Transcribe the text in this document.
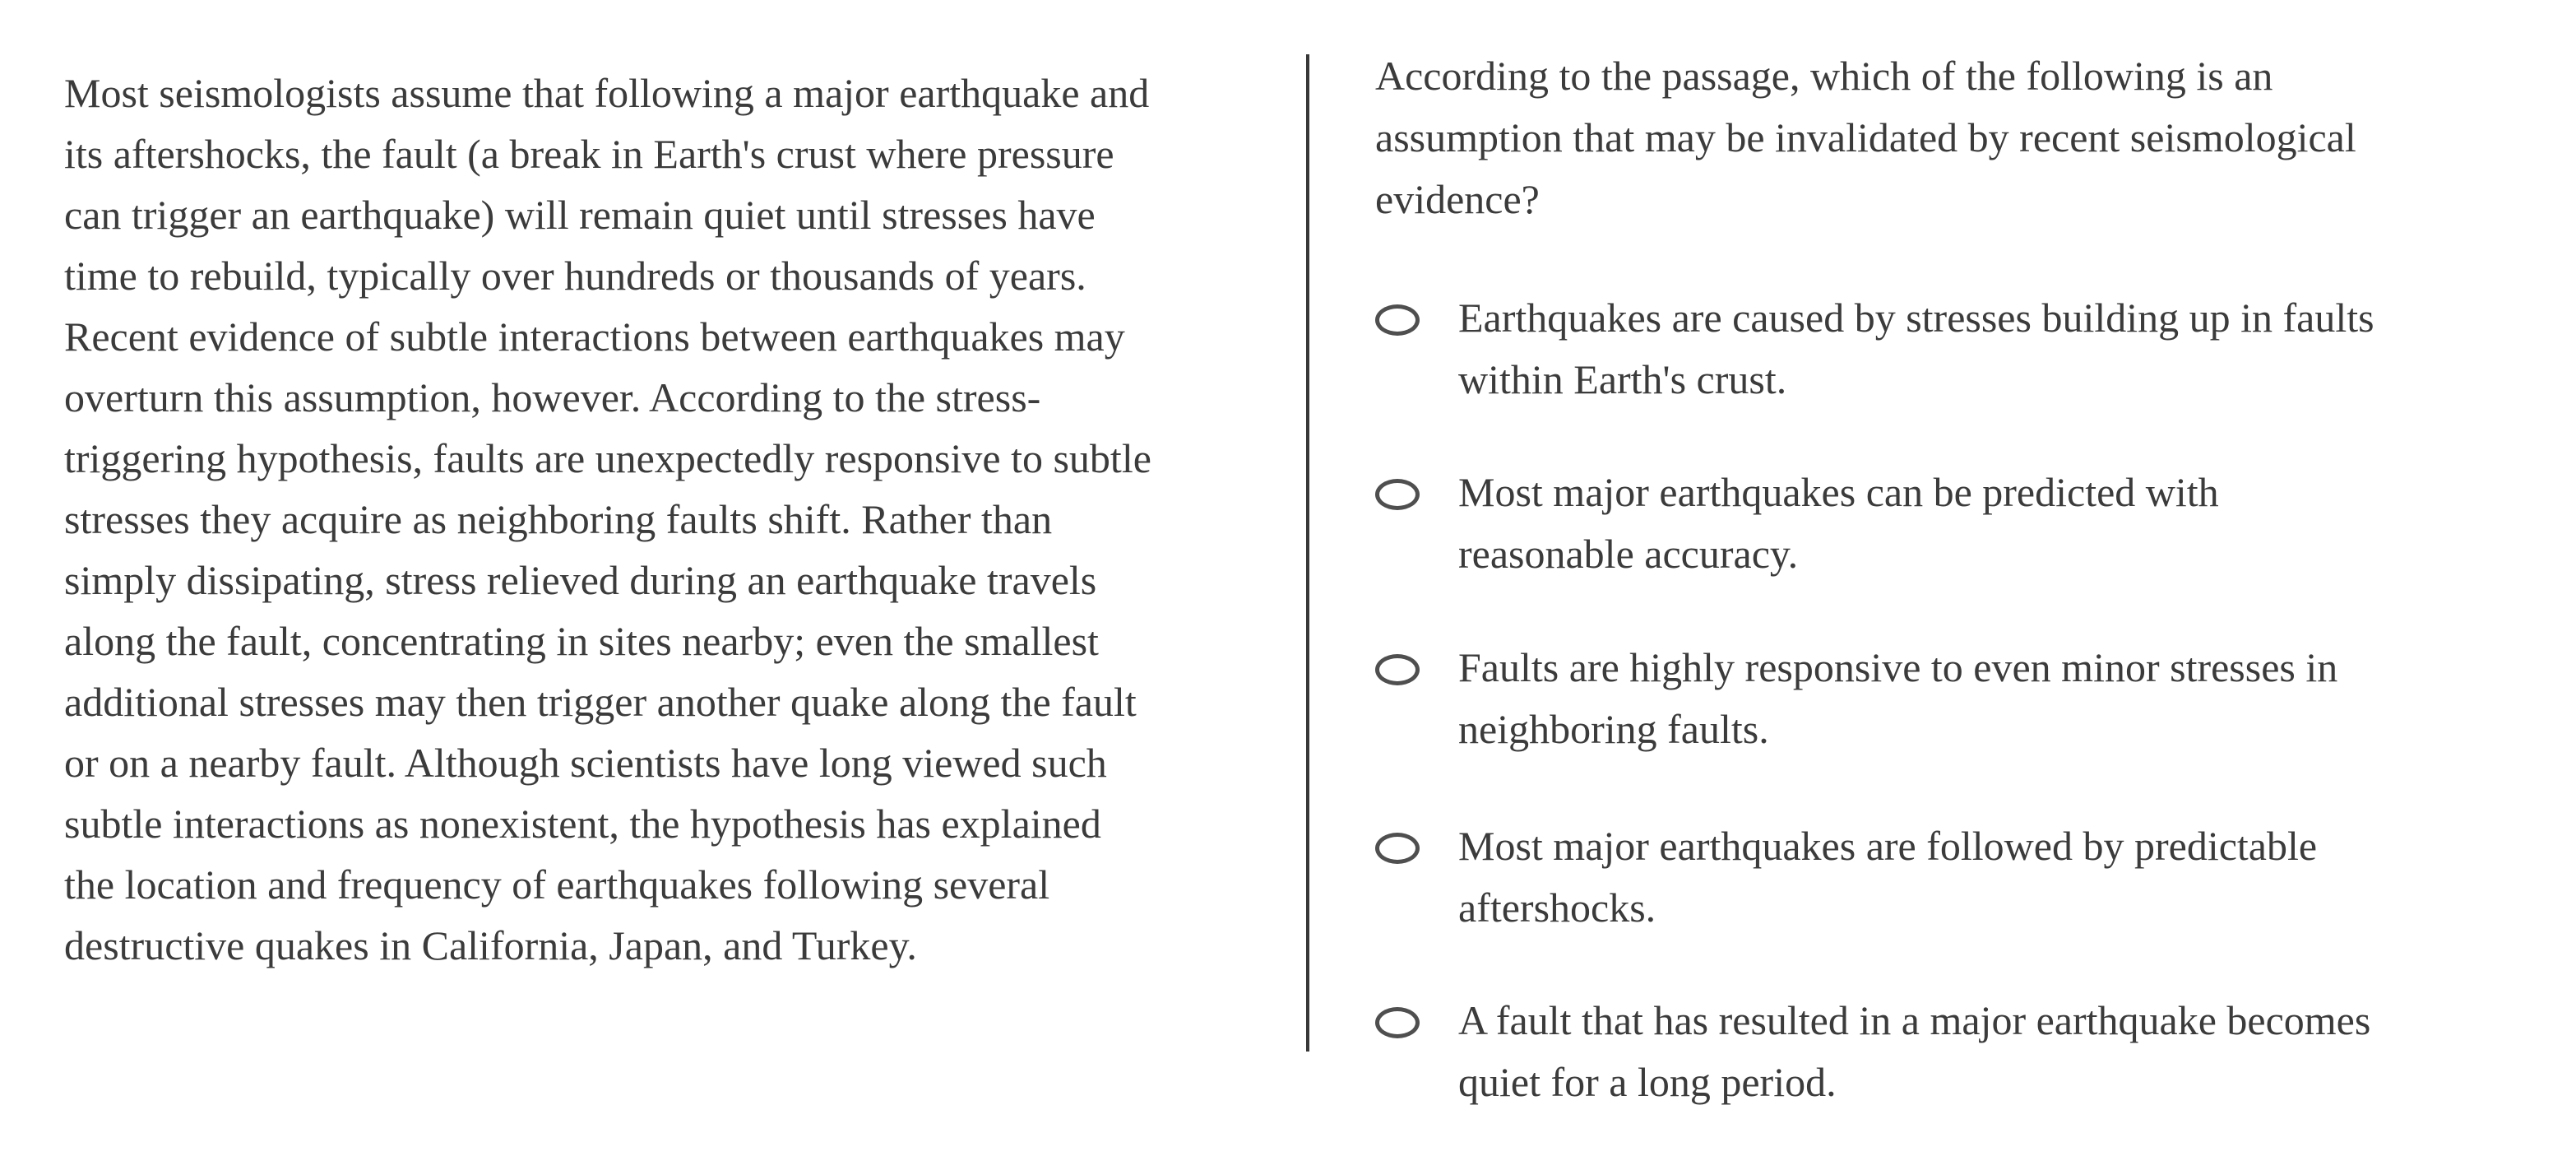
Most seismologists assume that following a major earthquake and
its aftershocks, the fault (a break in Earth's crust where pressure
can trigger an earthquake) will remain quiet until stresses have
time to rebuild, typically over hundreds or thousands of years.
Recent evidence of subtle interactions between earthquakes may
overturn this assumption, however. According to the stress-
triggering hypothesis, faults are unexpectedly responsive to subtle
stresses they acquire as neighboring faults shift. Rather than
simply dissipating, stress relieved during an earthquake travels
along the fault, concentrating in sites nearby; even the smallest
additional stresses may then trigger another quake along the fault
or on a nearby fault. Although scientists have long viewed such
subtle interactions as nonexistent, the hypothesis has explained
the location and frequency of earthquakes following several
destructive quakes in California, Japan, and Turkey.
According to the passage, which of the following is an
assumption that may be invalidated by recent seismological
evidence?
Earthquakes are caused by stresses building up in faults
within Earth's crust.
Most major earthquakes can be predicted with
reasonable accuracy.
Faults are highly responsive to even minor stresses in
neighboring faults.
Most major earthquakes are followed by predictable
aftershocks.
A fault that has resulted in a major earthquake becomes
quiet for a long period.
